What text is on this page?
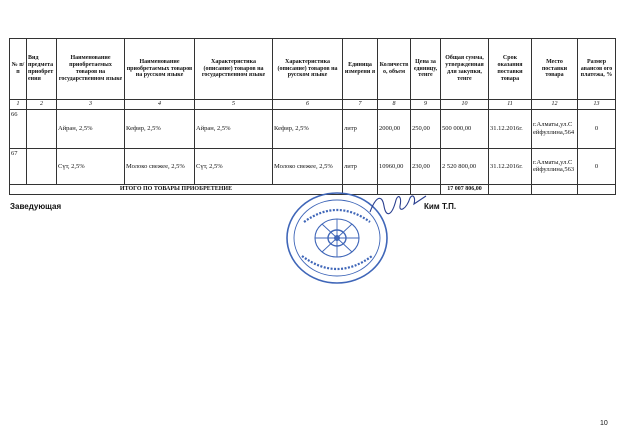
№ п/п	Вид предмета приобрет ения	Наименование приобретаемых товаров на государственном языке	Наименование приобретаемых товаров на русском языке	Характеристика (описание) товаров на государственном языке	Характеристика (описание) товаров на русском языке	Единица измерени я	Количеств о, объем	Цена за единицу, тенге	Общая сумма, утвержденная для закупки, тенге	Срок оказания поставки товара	Место поставки товара	Размер авансов ого платежа, %
1	2	3	4	5	6	7	8	9	10	11	12	13
66		Айран, 2,5%	Кефир, 2,5%	Айран, 2,5%	Кефир, 2,5%	литр	2000,00	250,00	500 000,00	31.12.2016г.	г.Алматы,ул.С ейфуллина,564	0
67		Сүт, 2,5%	Молоко свежее, 2,5%	Сүт, 2,5%	Молоко свежее, 2,5%	литр	10960,00	230,00	2 520 800,00	31.12.2016г.	г.Алматы,ул.С ейфуллина,563	0
ИТОГО ПО ТОВАРЫ ПРИОБРЕТЕНИЕ									17 007 806,00			
Заведующая	Ким Т.П.
10
